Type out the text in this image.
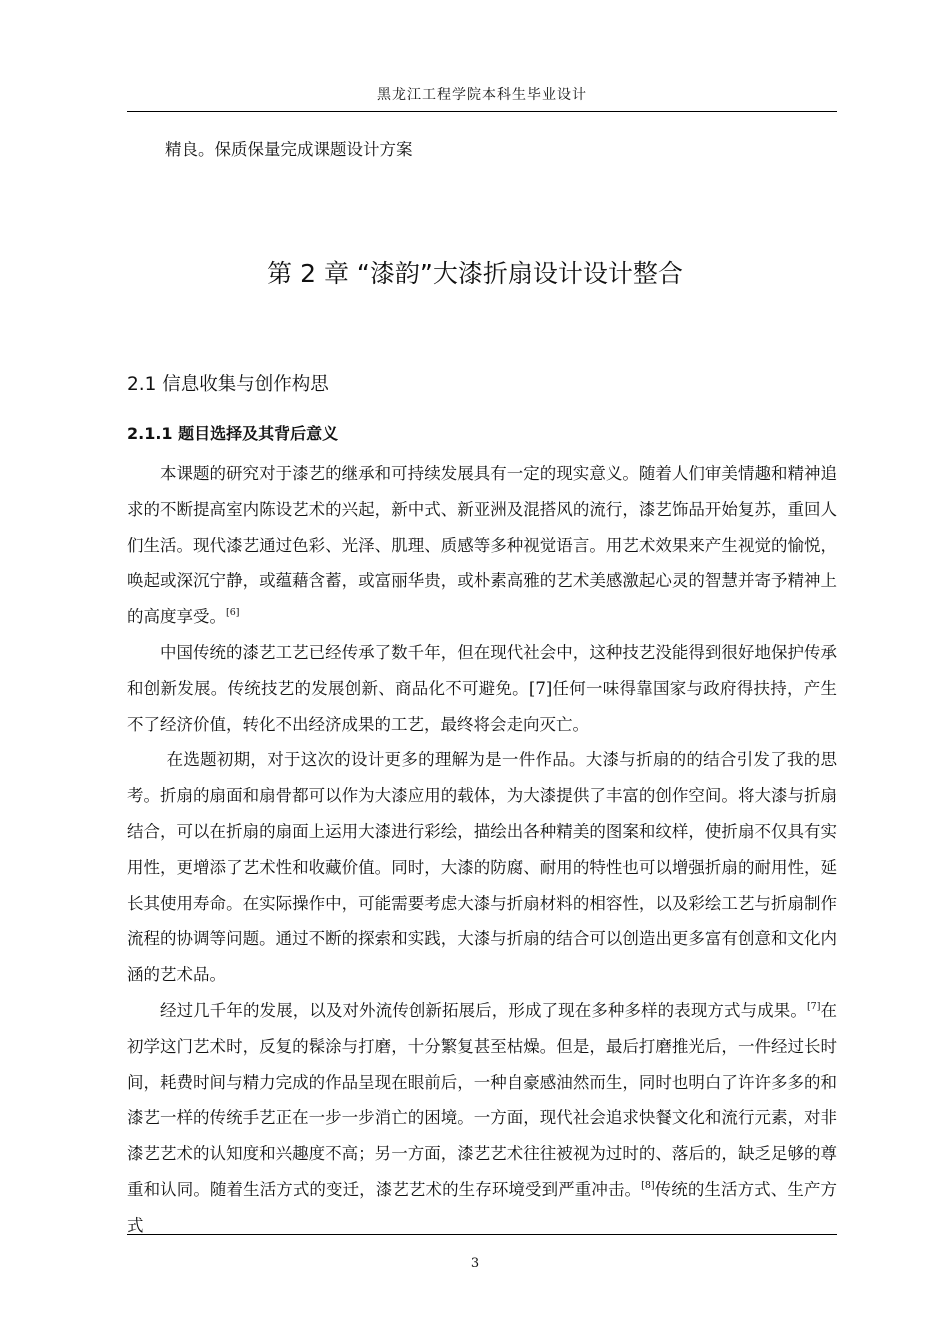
黑龙江工程学院本科生毕业设计
精良。保质保量完成课题设计方案
第 2 章 “漆韵”大漆折扇设计设计整合
2.1 信息收集与创作构思
2.1.1 题目选择及其背后意义

本课题的研究对于漆艺的继承和可持续发展具有一定的现实意义。随着人们审美情趣和精神追求的不断提高室内陈设艺术的兴起，新中式、新亚洲及混搭风的流行，漆艺饰品开始复苏，重回人们生活。现代漆艺通过色彩、光泽、肌理、质感等多种视觉语言。用艺术效果来产生视觉的愉悦，唤起或深沉宁静，或蕴藉含蓄，或富丽华贵，或朴素高雅的艺术美感激起心灵的智慧并寄予精神上的高度享受。[6]

中国传统的漆艺工艺已经传承了数千年，但在现代社会中，这种技艺没能得到很好地保护传承和创新发展。传统技艺的发展创新、商品化不可避免。[7]任何一味得靠国家与政府得扶持，产生不了经济价值，转化不出经济成果的工艺，最终将会走向灭亡。

在选题初期，对于这次的设计更多的理解为是一件作品。大漆与折扇的的结合引发了我的思考。折扇的扇面和扇骨都可以作为大漆应用的载体，为大漆提供了丰富的创作空间。将大漆与折扇结合，可以在折扇的扇面上运用大漆进行彩绘，描绘出各种精美的图案和纹样，使折扇不仅具有实用性，更增添了艺术性和收藏价值。同时，大漆的防腐、耐用的特性也可以增强折扇的耐用性，延长其使用寿命。在实际操作中，可能需要考虑大漆与折扇材料的相容性，以及彩绘工艺与折扇制作流程的协调等问题。通过不断的探索和实践，大漆与折扇的结合可以创造出更多富有创意和文化内涵的艺术品。

经过几千年的发展，以及对外流传创新拓展后，形成了现在多种多样的表现方式与成果。[7]在初学这门艺术时，反复的髹涂与打磨，十分繁复甚至枯燥。但是，最后打磨推光后，一件经过长时间，耗费时间与精力完成的作品呈现在眼前后，一种自豪感油然而生，同时也明白了许许多多的和漆艺一样的传统手艺正在一步一步消亡的困境。一方面，现代社会追求快餐文化和流行元素，对非漆艺艺术的认知度和兴趣度不高；另一方面，漆艺艺术往往被视为过时的、落后的，缺乏足够的尊重和认同。随着生活方式的变迁，漆艺艺术的生存环境受到严重冲击。[8]传统的生活方式、生产方式

3
